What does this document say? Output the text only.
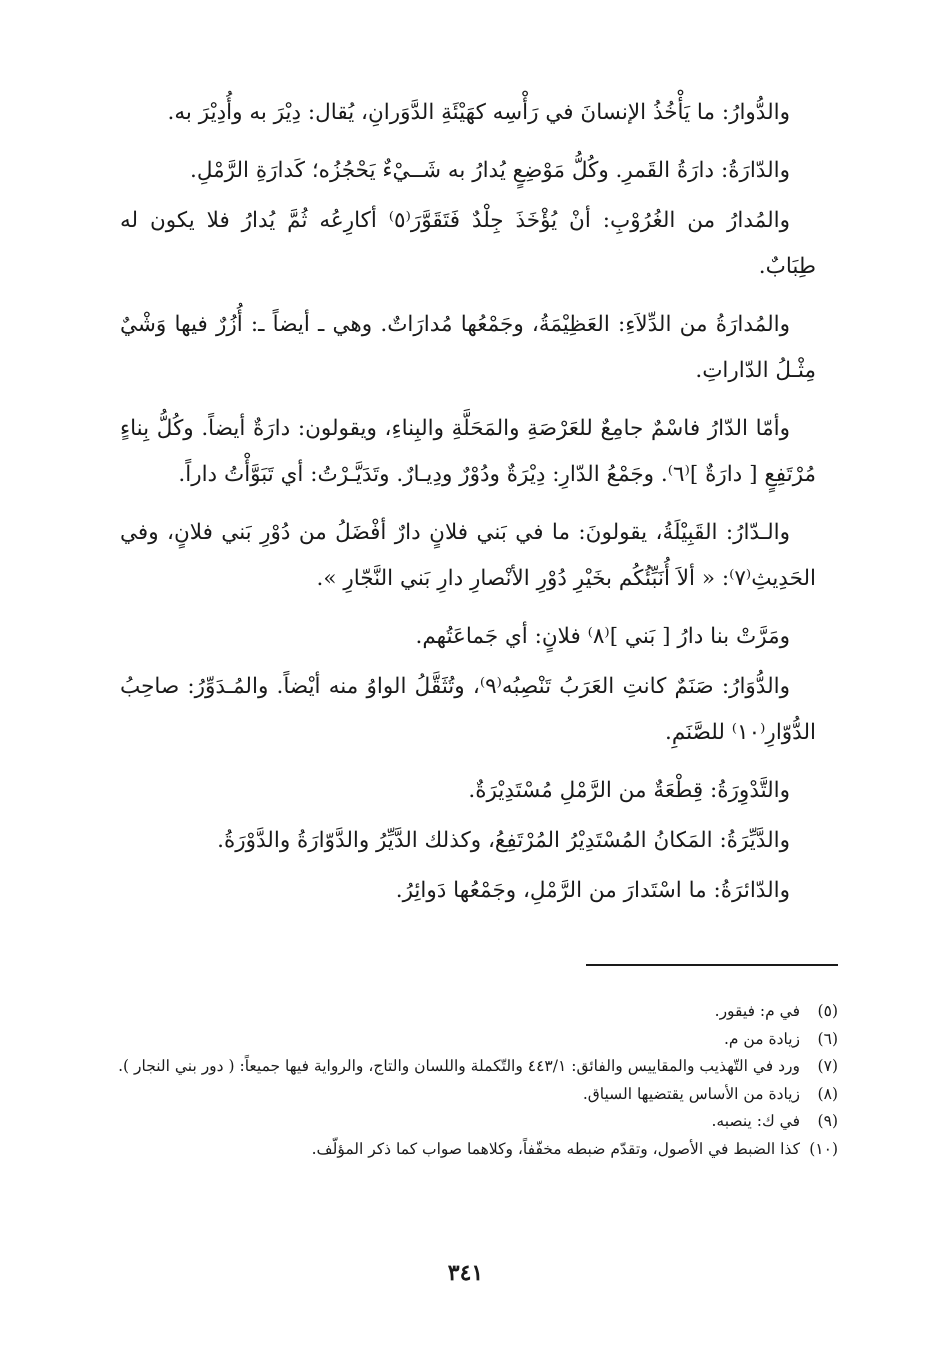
والدُّوارُ: ما يَأْخُذُ الإنسانَ في رَأْسِه كهَيْئَةِ الدَّوَرانِ، يُقال: دِيْرَ به وأُدِيْرَ به.

والدّارَةُ: دارَةُ القَمرِ. وكُلُّ مَوْضِعٍ يُدارُ به شَــيْءٌ يَحْجُزُه؛ كَدارَةِ الرَّمْلِ.

والمُدارُ من الغُرُوْبِ: أنْ يُؤْخَذَ جِلْدٌ فَتَقَوَّرَ⁽٥⁾ أكارِعُه ثُمَّ يُدارُ فلا يكون له طِبَابٌ.

والمُدارَةُ من الدِّلاَءِ: العَظِيْمَةُ، وجَمْعُها مُدارَاتٌ. وهي ـ أيضاً ـ: أُزُرٌ فيها وَشْيٌ مِثْـلُ الدّاراتِ.

وأمّا الدّارُ فاسْمٌ جامِعٌ للعَرْصَةِ والمَحَلَّةِ والبِناءِ، ويقولون: دارَةٌ أيضاً. وكُلُّ بِناءٍ مُرْتَفِعٍ [ دارَةٌ ]⁽٦⁾. وجَمْعُ الدّارِ: دِيْرَةٌ ودُوْرٌ ودِيـارٌ. وتَدَيَّـرْتُ: أي تَبَوَّأْتُ داراً.

والـدّارُ: القَبِيْلَةُ، يقولونَ: ما في بَني فلانٍ دارٌ أفْضَلُ من دُوْرِ بَني فلانٍ، وفي الحَدِيثِ⁽٧⁾: « ألاَ أُنَبِّئُكُم بخَيْرِ دُوْرِ الأنْصارِ دارِ بَني النَّجّارِ ».

ومَرَّتْ بنا دارُ [ بَني ]⁽٨⁾ فلانٍ: أي جَماعَتُهم.

والدُّوَارُ: صَنَمٌ كانتِ العَرَبُ تَنْصِبُه⁽٩⁾، وتُثَقَّلُ الواوُ منه أيْضاً. والمُـدَوِّرُ: صاحِبُ الدُّوّارِ⁽١٠⁾ للصَّنَمِ.

والتَّدْوِرَةُ: قِطْعَةٌ من الرَّمْلِ مُسْتَدِيْرَةٌ.

والدَّيِّرَةُ: المَكانُ المُسْتَدِيْرُ المُرْتَفِعُ، وكذلك الدَّيِّرُ والدَّوّارَةُ والدَّوْرَةُ.

والدّائرَةُ: ما اسْتَدارَ من الرَّمْلِ، وجَمْعُها دَوائِرُ.

(٥)
في م: فيقور.
(٦)
زيادة من م.
(٧)
ورد في التّهذيب والمقاييس والفائق: ٤٤٣/١ والتّكملة واللسان والتاج، والرواية فيها جميعاً: ( دور بني النجار ).
(٨)
زيادة من الأساس يقتضيها السياق.
(٩)
في ك: ينصبه.
(١٠)
كذا الضبط في الأصول، وتقدّم ضبطه مخفّفاً، وكلاهما صواب كما ذكر المؤلّف.
٣٤١
